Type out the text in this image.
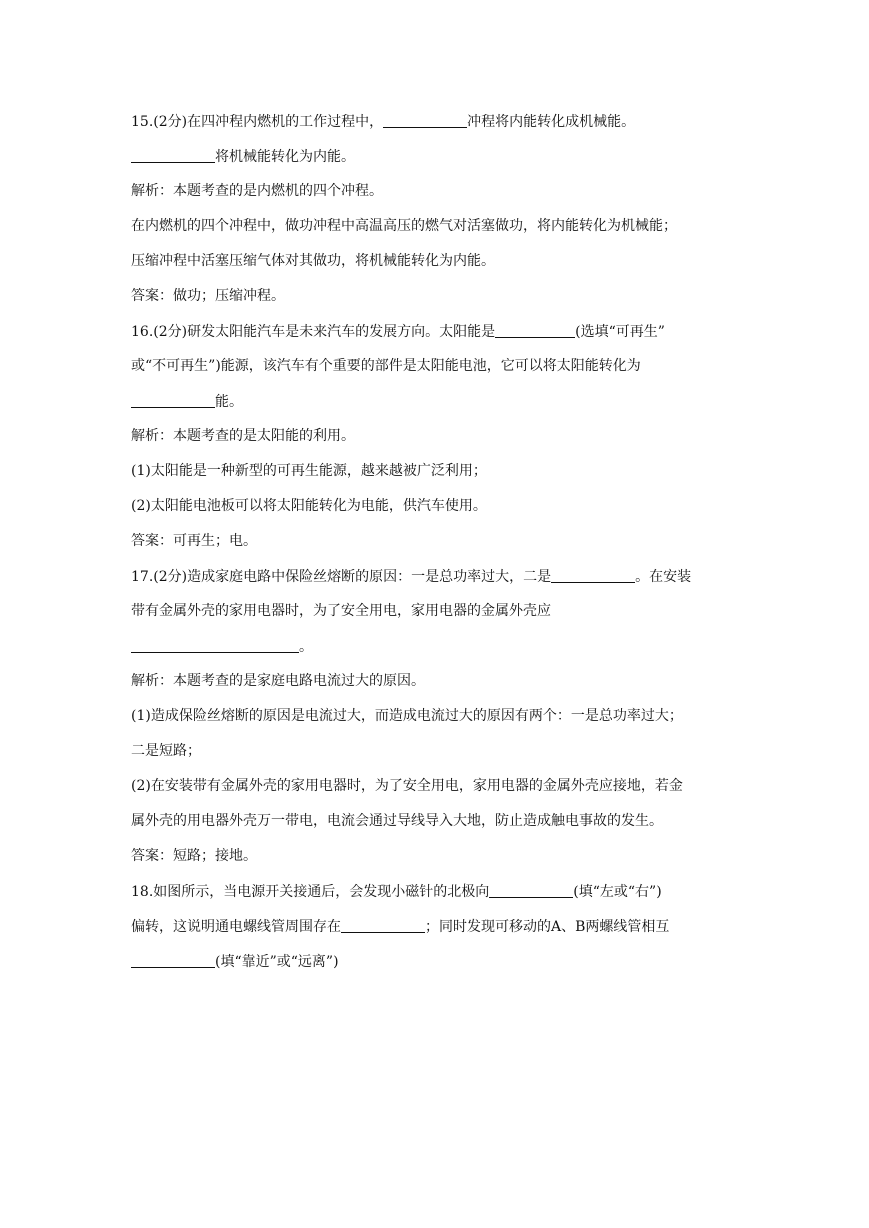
15.(2分)在四冲程内燃机的工作过程中，	冲程将内能转化成机械能。
将机械能转化为内能。
解析：本题考查的是内燃机的四个冲程。
在内燃机的四个冲程中，做功冲程中高温高压的燃气对活塞做功，将内能转化为机械能；
压缩冲程中活塞压缩气体对其做功，将机械能转化为内能。
答案：做功；压缩冲程。
16.(2分)研发太阳能汽车是未来汽车的发展方向。太阳能是	(选填“可再生”
或“不可再生”)能源，该汽车有个重要的部件是太阳能电池，它可以将太阳能转化为
能。
解析：本题考查的是太阳能的利用。
(1)太阳能是一种新型的可再生能源，越来越被广泛利用；
(2)太阳能电池板可以将太阳能转化为电能，供汽车使用。
答案：可再生；电。
17.(2分)造成家庭电路中保险丝熔断的原因：一是总功率过大，二是	。在安装
带有金属外壳的家用电器时，为了安全用电，家用电器的金属外壳应
。
解析：本题考查的是家庭电路电流过大的原因。
(1)造成保险丝熔断的原因是电流过大，而造成电流过大的原因有两个：一是总功率过大；
二是短路；
(2)在安装带有金属外壳的家用电器时，为了安全用电，家用电器的金属外壳应接地，若金
属外壳的用电器外壳万一带电，电流会通过导线导入大地，防止造成触电事故的发生。
答案：短路；接地。
18.如图所示，当电源开关接通后，会发现小磁针的北极向	(填“左或“右”)
偏转，这说明通电螺线管周围存在	；同时发现可移动的A、B两螺线管相互
(填“靠近”或“远离”)
